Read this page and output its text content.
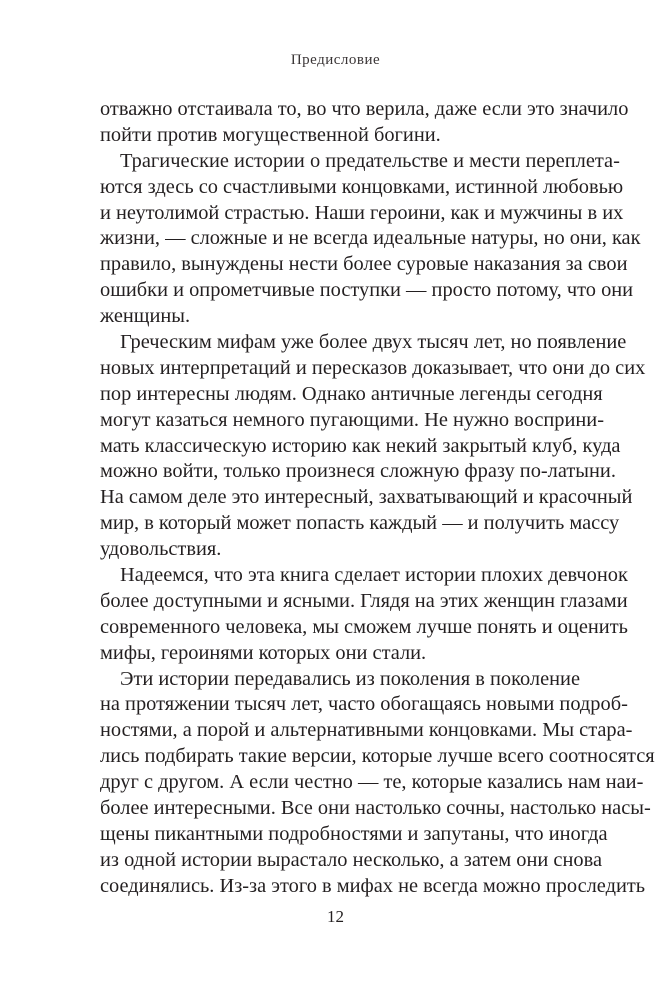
Предисловие
отважно отстаивала то, во что верила, даже если это значило
пойти против могущественной богини.
Трагические истории о предательстве и мести переплета-
ются здесь со счастливыми концовками, истинной любовью
и неутолимой страстью. Наши героини, как и мужчины в их
жизни, — сложные и не всегда идеальные натуры, но они, как
правило, вынуждены нести более суровые наказания за свои
ошибки и опрометчивые поступки — просто потому, что они
женщины.
Греческим мифам уже более двух тысяч лет, но появление
новых интерпретаций и пересказов доказывает, что они до сих
пор интересны людям. Однако античные легенды сегодня
могут казаться немного пугающими. Не нужно восприни-
мать классическую историю как некий закрытый клуб, куда
можно войти, только произнеся сложную фразу по-латыни.
На самом деле это интересный, захватывающий и красочный
мир, в который может попасть каждый — и получить массу
удовольствия.
Надеемся, что эта книга сделает истории плохих девчонок
более доступными и ясными. Глядя на этих женщин глазами
современного человека, мы сможем лучше понять и оценить
мифы, героинями которых они стали.
Эти истории передавались из поколения в поколение
на протяжении тысяч лет, часто обогащаясь новыми подроб-
ностями, а порой и альтернативными концовками. Мы стара-
лись подбирать такие версии, которые лучше всего соотносятся
друг с другом. А если честно — те, которые казались нам наи-
более интересными. Все они настолько сочны, настолько насы-
щены пикантными подробностями и запутаны, что иногда
из одной истории вырастало несколько, а затем они снова
соединялись. Из-за этого в мифах не всегда можно проследить
12
